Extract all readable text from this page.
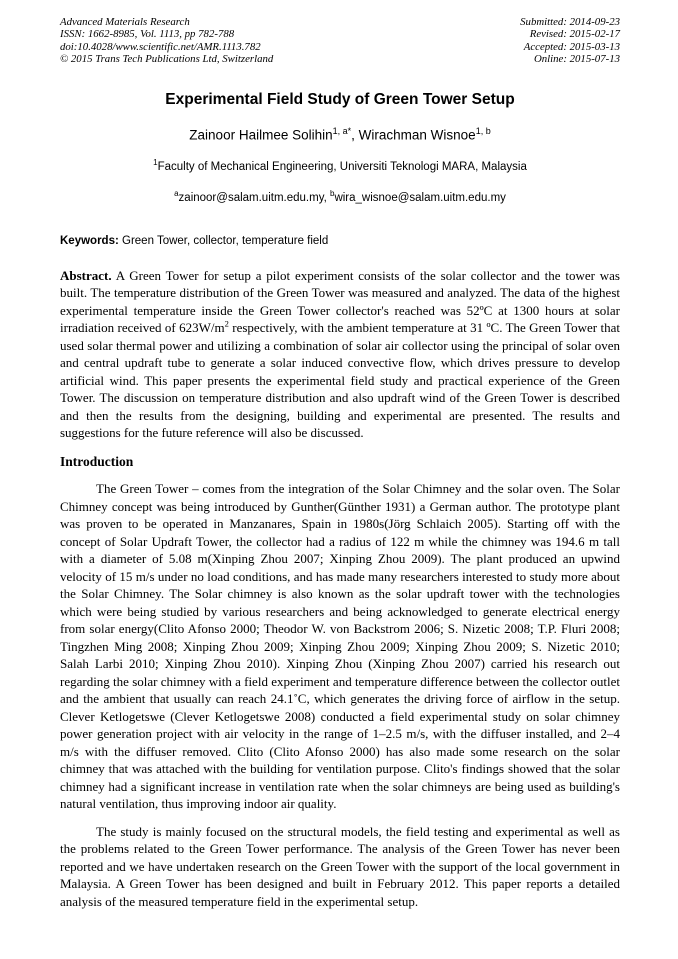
Advanced Materials Research
ISSN: 1662-8985, Vol. 1113, pp 782-788
doi:10.4028/www.scientific.net/AMR.1113.782
© 2015 Trans Tech Publications Ltd, Switzerland
Submitted: 2014-09-23
Revised: 2015-02-17
Accepted: 2015-03-13
Online: 2015-07-13
Experimental Field Study of Green Tower Setup

Zainoor Hailmee Solihin$^{1, a*}$, Wirachman Wisnoe$^{1, b}$

$^1$Faculty of Mechanical Engineering, Universiti Teknologi MARA, Malaysia

$^a$zainoor@salam.uitm.edu.my, $^b$wira_wisnoe@salam.uitm.edu.my

Keywords: Green Tower, collector, temperature field

Abstract. A Green Tower for setup a pilot experiment consists of the solar collector and the tower was built. The temperature distribution of the Green Tower was measured and analyzed. The data of the highest experimental temperature inside the Green Tower collector's reached was 52ºC at 1300 hours at solar irradiation received of $623W/m^2$ respectively, with the ambient temperature at 31 ºC. The Green Tower that used solar thermal power and utilizing a combination of solar air collector using the principal of solar oven and central updraft tube to generate a solar induced convective flow, which drives pressure to develop artificial wind. This paper presents the experimental field study and practical experience of the Green Tower. The discussion on temperature distribution and also updraft wind of the Green Tower is described and then the results from the designing, building and experimental are presented. The results and suggestions for the future reference will also be discussed.

Introduction

The Green Tower – comes from the integration of the Solar Chimney and the solar oven. The Solar Chimney concept was being introduced by Gunther(Günther 1931) a German author. The prototype plant was proven to be operated in Manzanares, Spain in 1980s(Jörg Schlaich 2005). Starting off with the concept of Solar Updraft Tower, the collector had a radius of 122 m while the chimney was 194.6 m tall with a diameter of 5.08 m(Xinping Zhou 2007; Xinping Zhou 2009). The plant produced an upwind velocity of 15 m/s under no load conditions, and has made many researchers interested to study more about the Solar Chimney. The Solar chimney is also known as the solar updraft tower with the technologies which were being studied by various researchers and being acknowledged to generate electrical energy from solar energy(Clito Afonso 2000; Theodor W. von Backstrom 2006; S. Nizetic 2008; T.P. Fluri 2008; Tingzhen Ming 2008; Xinping Zhou 2009; Xinping Zhou 2009; Xinping Zhou 2009; S. Nizetic 2010; Salah Larbi 2010; Xinping Zhou 2010). Xinping Zhou (Xinping Zhou 2007) carried his research out regarding the solar chimney with a field experiment and temperature difference between the collector outlet and the ambient that usually can reach 24.1˚C, which generates the driving force of airflow in the setup. Clever Ketlogetswe (Clever Ketlogetswe 2008) conducted a field experimental study on solar chimney power generation project with air velocity in the range of 1–2.5 m/s, with the diffuser installed, and 2–4 m/s with the diffuser removed. Clito (Clito Afonso 2000) has also made some research on the solar chimney that was attached with the building for ventilation purpose. Clito's findings showed that the solar chimney had a significant increase in ventilation rate when the solar chimneys are being used as building's natural ventilation, thus improving indoor air quality.

The study is mainly focused on the structural models, the field testing and experimental as well as the problems related to the Green Tower performance. The analysis of the Green Tower has never been reported and we have undertaken research on the Green Tower with the support of the local government in Malaysia. A Green Tower has been designed and built in February 2012. This paper reports a detailed analysis of the measured temperature field in the experimental setup.
